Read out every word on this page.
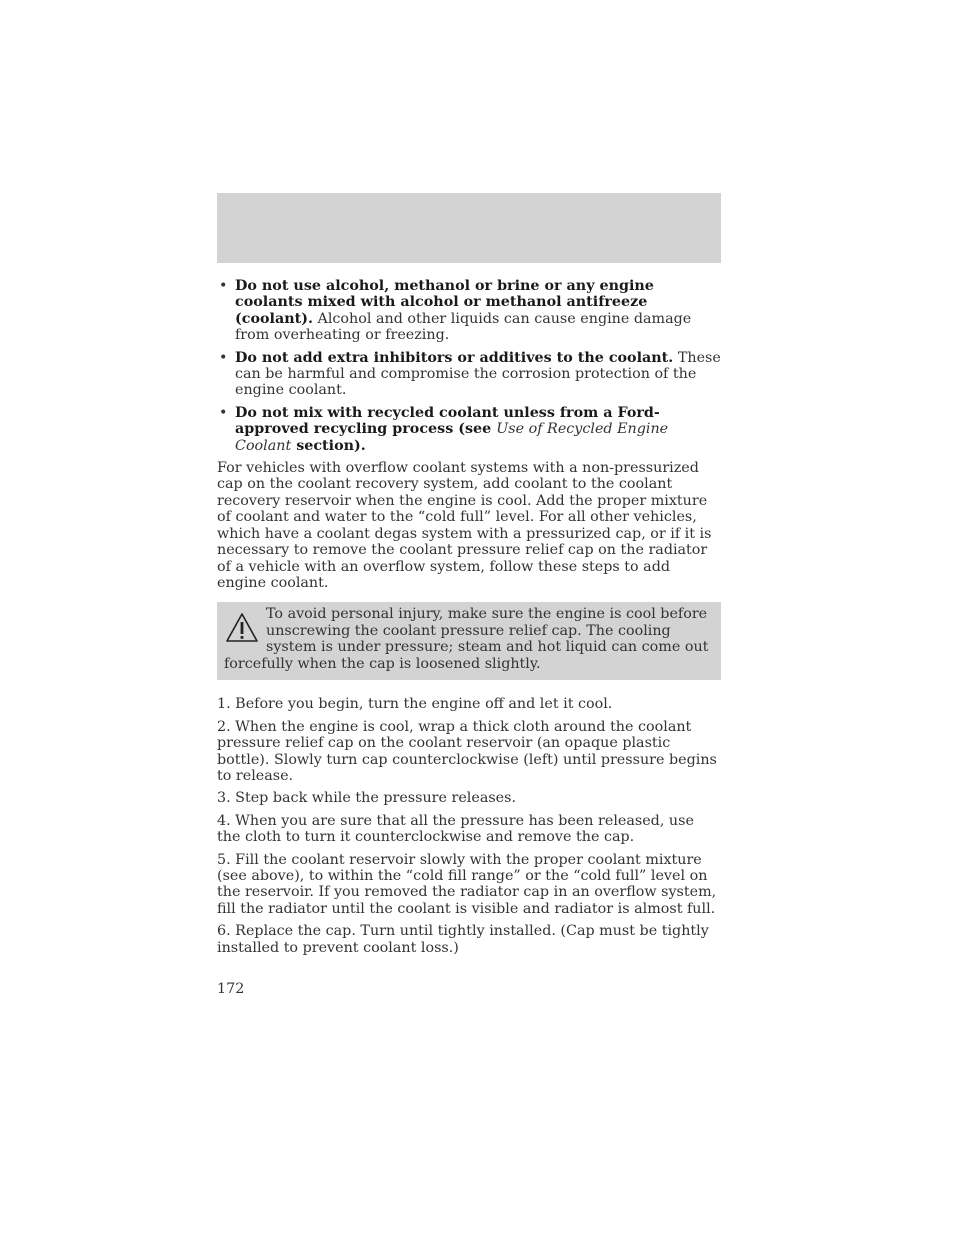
• Do not use alcohol, methanol or brine or any engine coolants mixed with alcohol or methanol antifreeze (coolant). Alcohol and other liquids can cause engine damage from overheating or freezing.
• Do not add extra inhibitors or additives to the coolant. These can be harmful and compromise the corrosion protection of the engine coolant.
• Do not mix with recycled coolant unless from a Ford-approved recycling process (see Use of Recycled Engine Coolant section).

For vehicles with overflow coolant systems with a non-pressurized cap on the coolant recovery system, add coolant to the coolant recovery reservoir when the engine is cool. Add the proper mixture of coolant and water to the “cold full” level. For all other vehicles, which have a coolant degas system with a pressurized cap, or if it is necessary to remove the coolant pressure relief cap on the radiator of a vehicle with an overflow system, follow these steps to add engine coolant.

To avoid personal injury, make sure the engine is cool before unscrewing the coolant pressure relief cap. The cooling system is under pressure; steam and hot liquid can come out forcefully when the cap is loosened slightly.

1. Before you begin, turn the engine off and let it cool.

2. When the engine is cool, wrap a thick cloth around the coolant pressure relief cap on the coolant reservoir (an opaque plastic bottle). Slowly turn cap counterclockwise (left) until pressure begins to release.

3. Step back while the pressure releases.

4. When you are sure that all the pressure has been released, use the cloth to turn it counterclockwise and remove the cap.

5. Fill the coolant reservoir slowly with the proper coolant mixture (see above), to within the “cold fill range” or the “cold full” level on the reservoir. If you removed the radiator cap in an overflow system, fill the radiator until the coolant is visible and radiator is almost full.

6. Replace the cap. Turn until tightly installed. (Cap must be tightly installed to prevent coolant loss.)

172
